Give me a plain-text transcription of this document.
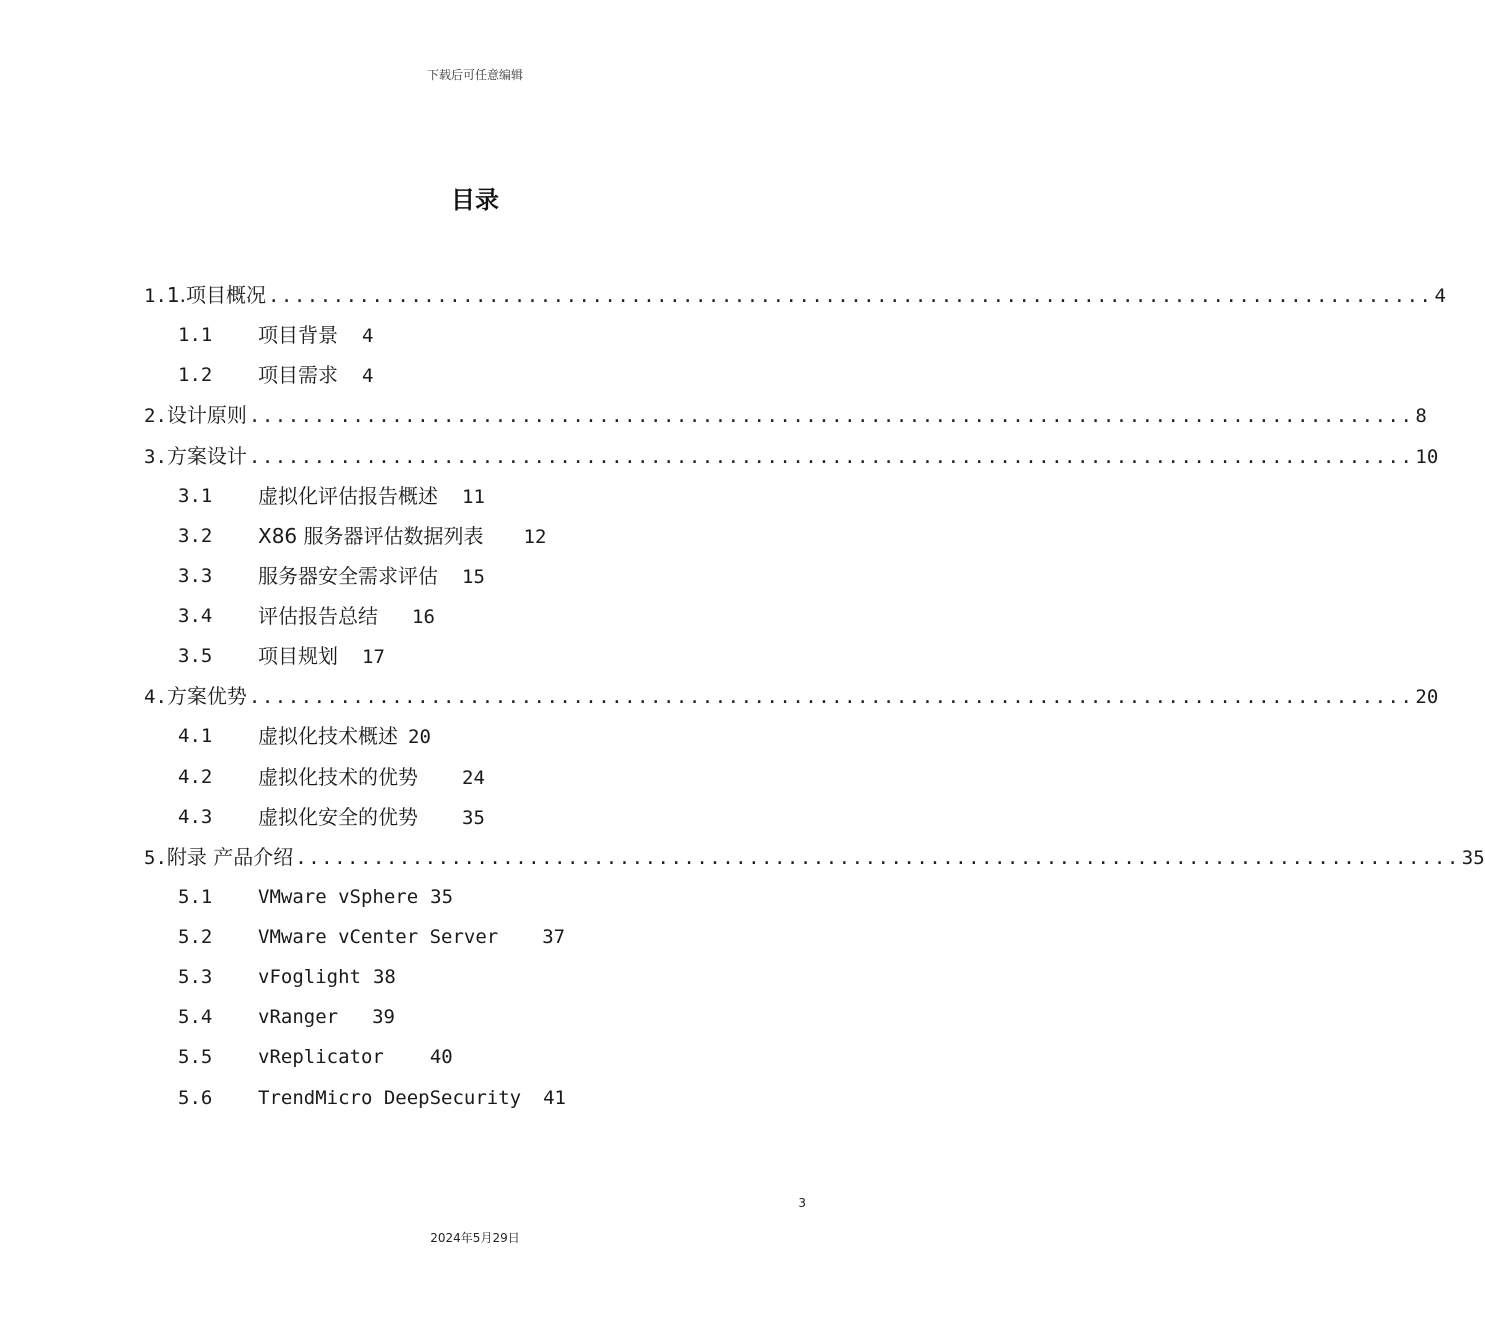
下载后可任意编辑
目录
1. 1.项目概况 .......................................................................................... 4
1.1 项目背景 4
1.2 项目需求 4
2. 设计原则 .......................................................................................... 8
3. 方案设计 .......................................................................................... 10
3.1 虚拟化评估报告概述 11
3.2 X86 服务器评估数据列表 12
3.3 服务器安全需求评估 15
3.4 评估报告总结 16
3.5 项目规划 17
4. 方案优势 .......................................................................................... 20
4.1 虚拟化技术概述 20
4.2 虚拟化技术的优势 24
4.3 虚拟化安全的优势 35
5. 附录 产品介绍 .......................................................................................... 35
5.1 VMware vSphere 35
5.2 VMware vCenter Server 37
5.3 vFoglight 38
5.4 vRanger 39
5.5 vReplicator 40
5.6 TrendMicro DeepSecurity 41
3
2024年5月29日
